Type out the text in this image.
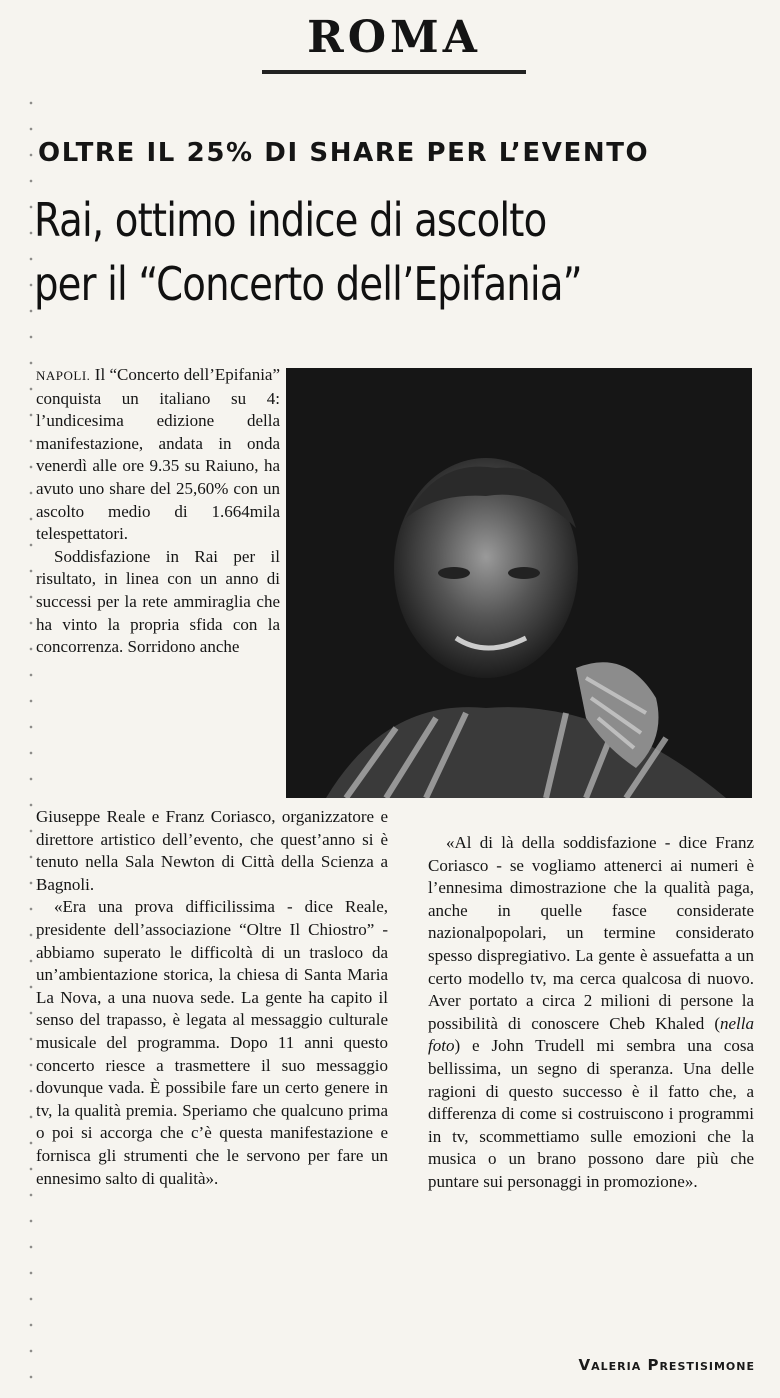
ROMA
OLTRE IL 25% DI SHARE PER L’EVENTO
Rai, ottimo indice di ascolto
per il “Concerto dell’Epifania”

NAPOLI. Il “Concerto dell’Epifania” conquista un italiano su 4: l’undicesima edizione della manifestazione, andata in onda venerdì alle ore 9.35 su Raiuno, ha avuto uno share del 25,60% con un ascolto medio di 1.664mila telespettatori.

Soddisfazione in Rai per il risultato, in linea con un anno di successi per la rete ammiraglia che ha vinto la propria sfida con la concorrenza. Sorridono anche

Giuseppe Reale e Franz Coriasco, organizzatore e direttore artistico dell’evento, che quest’anno si è tenuto nella Sala Newton di Città della Scienza a Bagnoli.

«Era una prova difficilissima - dice Reale, presidente dell’associazione “Oltre Il Chiostro” - abbiamo superato le difficoltà di un trasloco da un’ambientazione storica, la chiesa di Santa Maria La Nova, a una nuova sede. La gente ha capito il senso del trapasso, è legata al messaggio culturale musicale del programma. Dopo 11 anni questo concerto riesce a trasmettere il suo messaggio dovunque vada. È possibile fare un certo genere in tv, la qualità premia. Speriamo che qualcuno prima o poi si accorga che c’è questa manifestazione e fornisca gli strumenti che le servono per fare un ennesimo salto di qualità».

«Al di là della soddisfazione - dice Franz Coriasco - se vogliamo attenerci ai numeri è l’ennesima dimostrazione che la qualità paga, anche in quelle fasce considerate nazionalpopolari, un termine considerato spesso dispregiativo. La gente è assuefatta a un certo modello tv, ma cerca qualcosa di nuovo. Aver portato a circa 2 milioni di persone la possibilità di conoscere Cheb Khaled (nella foto) e John Trudell mi sembra una cosa bellissima, un segno di speranza. Una delle ragioni di questo successo è il fatto che, a differenza di come si costruiscono i programmi in tv, scommettiamo sulle emozioni che la musica o un brano possono dare più che puntare sui personaggi in promozione».

Valeria Prestisimone
